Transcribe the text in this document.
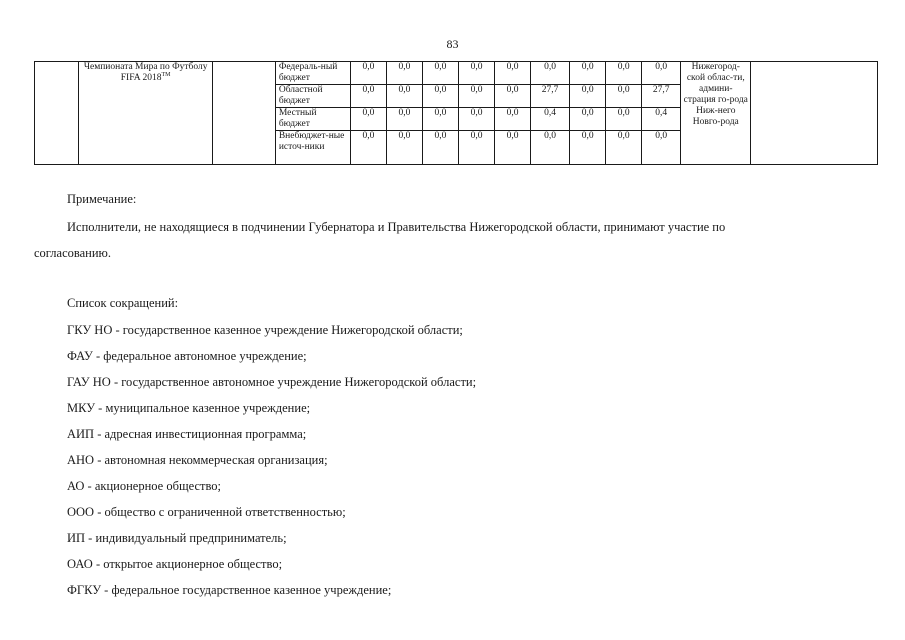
83
	Чемпионата Мира по Футболу FIFA 2018™		Федераль-ный бюджет	0,0	0,0	0,0	0,0	0,0	0,0	0,0	0,0	0,0	Нижегород-ской облас-ти, админи-страция го-рода Ниж-него Новго-рода	
			Областной бюджет	0,0	0,0	0,0	0,0	0,0	27,7	0,0	0,0	27,7		
			Местный бюджет	0,0	0,0	0,0	0,0	0,0	0,4	0,0	0,0	0,4		
			Внебюджет-ные источ-ники	0,0	0,0	0,0	0,0	0,0	0,0	0,0	0,0	0,0		
Примечание:
Исполнители, не находящиеся в подчинении Губернатора и Правительства Нижегородской области, принимают участие по
согласованию.
Список сокращений:
ГКУ НО - государственное казенное учреждение Нижегородской области;
ФАУ - федеральное автономное учреждение;
ГАУ НО - государственное автономное учреждение Нижегородской области;
МКУ - муниципальное казенное учреждение;
АИП - адресная инвестиционная программа;
АНО - автономная некоммерческая организация;
АО - акционерное общество;
ООО - общество с ограниченной ответственностью;
ИП - индивидуальный предприниматель;
ОАО - открытое акционерное общество;
ФГКУ - федеральное государственное казенное учреждение;
